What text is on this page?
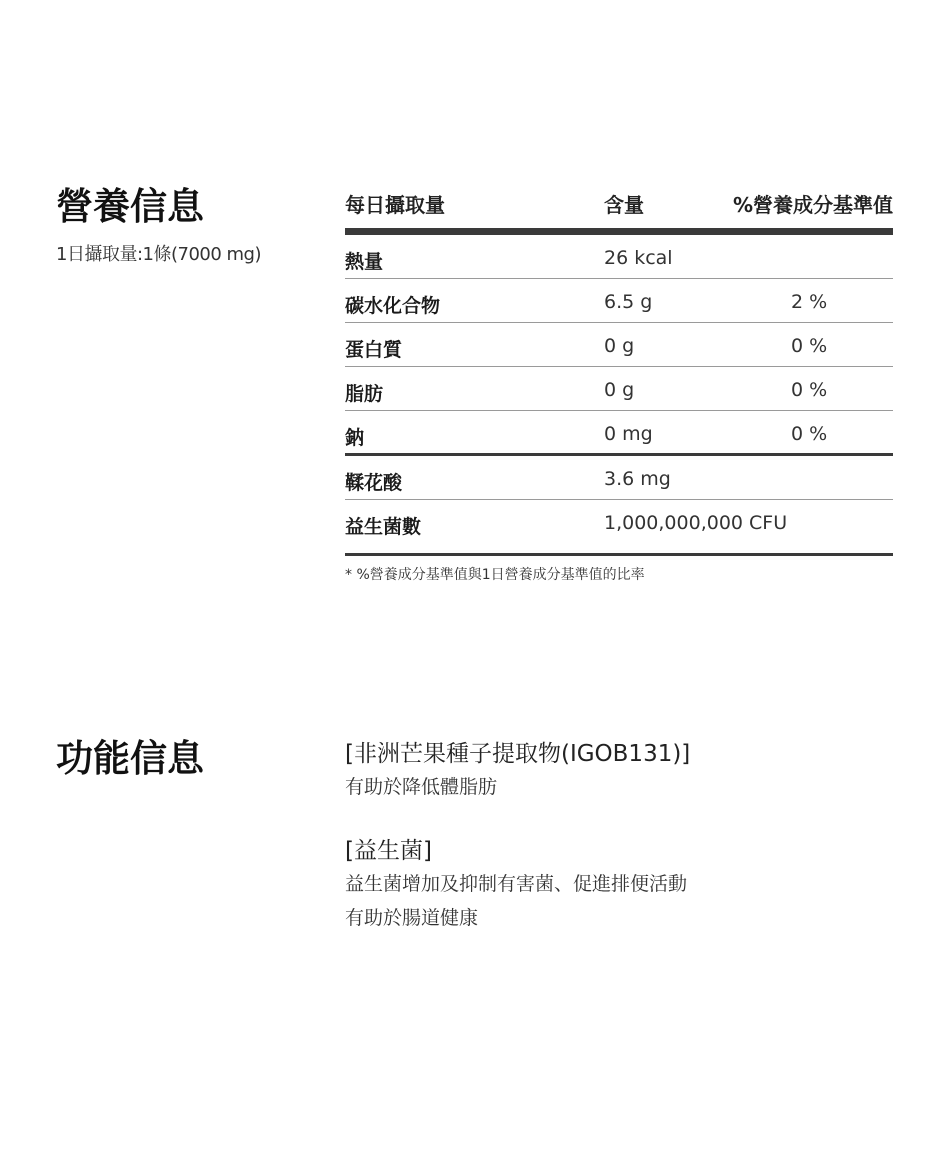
營養信息
1日攝取量:1條(7000 mg)
每日攝取量	含量	%營養成分基準值
熱量	26 kcal
碳水化合物	6.5 g	2 %
蛋白質	0 g	0 %
脂肪	0 g	0 %
鈉	0 mg	0 %
鞣花酸	3.6 mg
益生菌數	1,000,000,000 CFU
* %營養成分基準值與1日營養成分基準值的比率
功能信息	[非洲芒果種子提取物(IGOB131)]
有助於降低體脂肪
[益生菌]
益生菌增加及抑制有害菌、促進排便活動
有助於腸道健康
